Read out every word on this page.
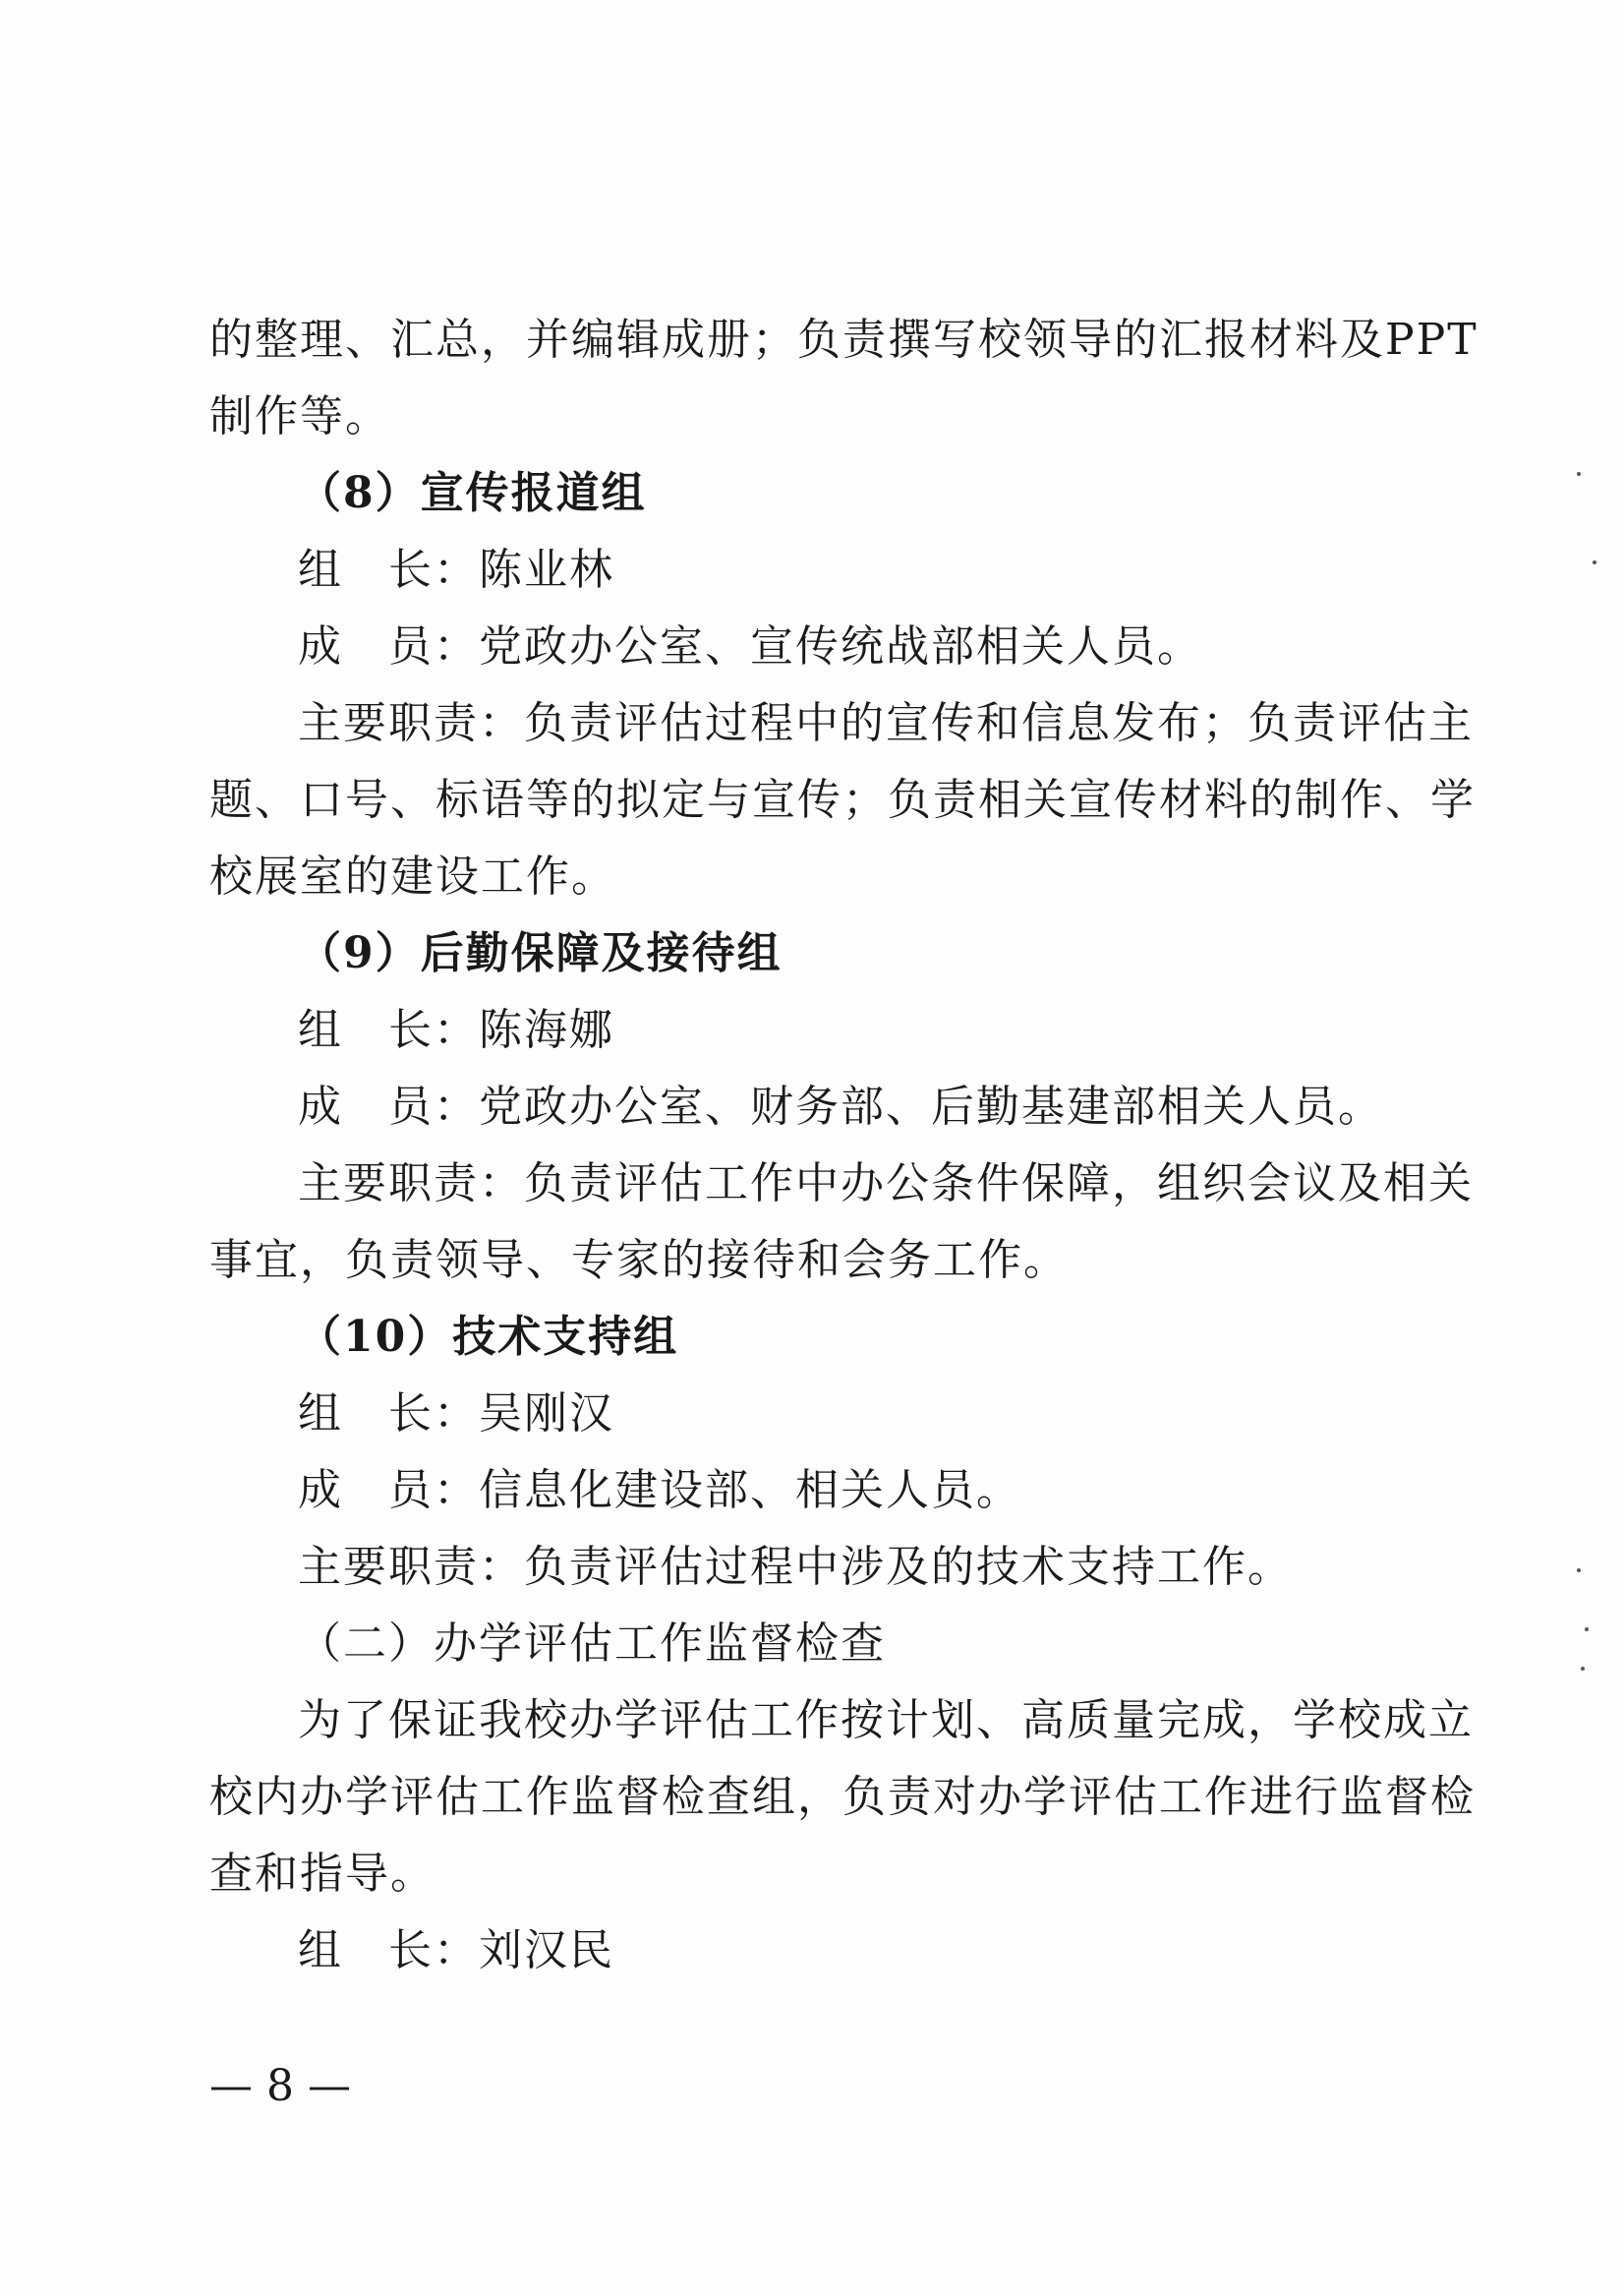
的整理、汇总，并编辑成册；负责撰写校领导的汇报材料及PPT
制作等。
（8）宣传报道组
组　长：陈业林
成　员：党政办公室、宣传统战部相关人员。
主要职责：负责评估过程中的宣传和信息发布；负责评估主
题、口号、标语等的拟定与宣传；负责相关宣传材料的制作、学
校展室的建设工作。
（9）后勤保障及接待组
组　长：陈海娜
成　员：党政办公室、财务部、后勤基建部相关人员。
主要职责：负责评估工作中办公条件保障，组织会议及相关
事宜，负责领导、专家的接待和会务工作。
（10）技术支持组
组　长：吴刚汉
成　员：信息化建设部、相关人员。
主要职责：负责评估过程中涉及的技术支持工作。
（二）办学评估工作监督检查
为了保证我校办学评估工作按计划、高质量完成，学校成立
校内办学评估工作监督检查组，负责对办学评估工作进行监督检
查和指导。
组　长：刘汉民
— 8 —
